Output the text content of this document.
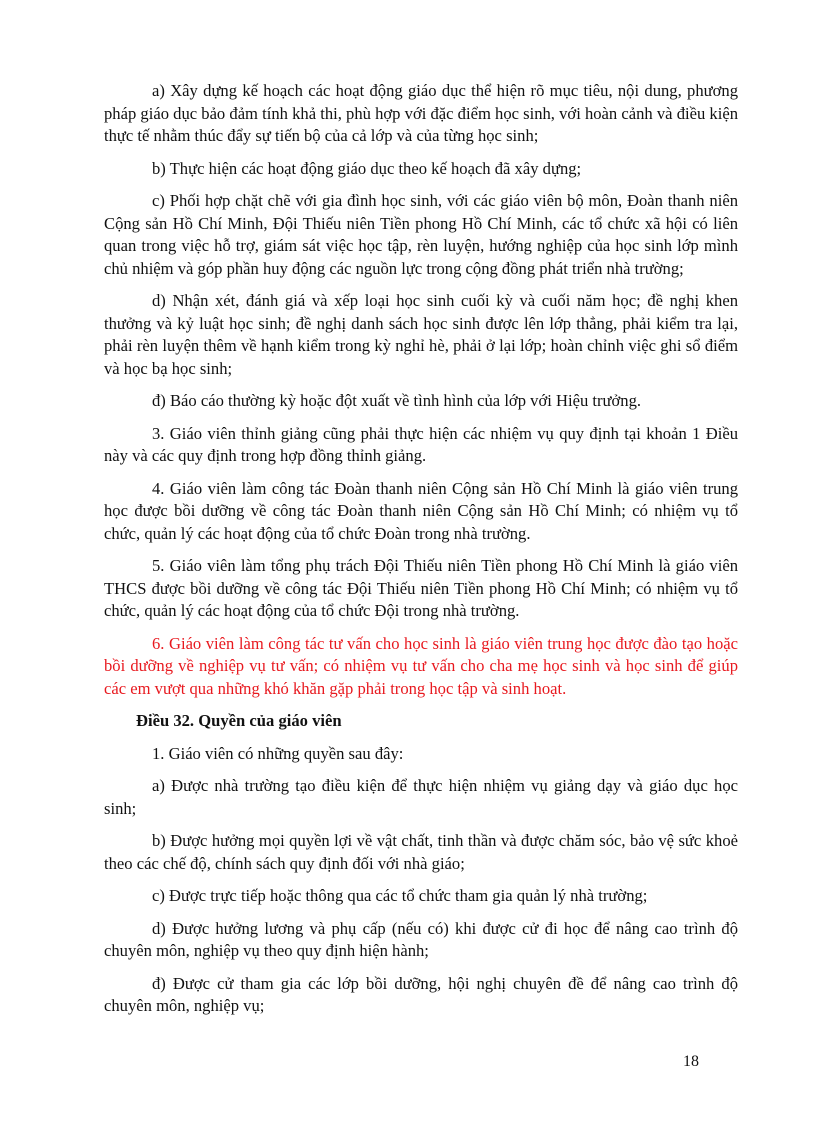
a) Xây dựng kế hoạch các hoạt động giáo dục thể hiện rõ mục tiêu, nội dung, phương pháp giáo dục bảo đảm tính khả thi, phù hợp với đặc điểm học sinh, với hoàn cảnh và điều kiện thực tế nhằm thúc đẩy sự tiến bộ của cả lớp và của từng học sinh;

b) Thực hiện các hoạt động giáo dục theo kế hoạch đã xây dựng;

c) Phối hợp chặt chẽ với gia đình học sinh, với các giáo viên bộ môn, Đoàn thanh niên Cộng sản Hồ Chí Minh, Đội Thiếu niên Tiền phong Hồ Chí Minh, các tổ chức xã hội có liên quan trong việc hỗ trợ, giám sát việc học tập, rèn luyện, hướng nghiệp của học sinh lớp mình chủ nhiệm và góp phần huy động các nguồn lực trong cộng đồng phát triển nhà trường;

d) Nhận xét, đánh giá và xếp loại học sinh cuối kỳ và cuối năm học; đề nghị khen thưởng và kỷ luật học sinh; đề nghị danh sách học sinh được lên lớp thẳng, phải kiểm tra lại, phải rèn luyện thêm về hạnh kiểm trong kỳ nghỉ hè, phải ở lại lớp; hoàn chỉnh việc ghi sổ điểm và học bạ học sinh;

đ) Báo cáo thường kỳ hoặc đột xuất về tình hình của lớp với Hiệu trưởng.

3. Giáo viên thỉnh giảng cũng phải thực hiện các nhiệm vụ quy định tại khoản 1 Điều này và các quy định trong hợp đồng thỉnh giảng.

4. Giáo viên làm công tác Đoàn thanh niên Cộng sản Hồ Chí Minh là giáo viên trung học được bồi dưỡng về công tác Đoàn thanh niên Cộng sản Hồ Chí Minh; có nhiệm vụ tổ chức, quản lý các hoạt động của tổ chức Đoàn trong nhà trường.

5. Giáo viên làm tổng phụ trách Đội Thiếu niên Tiền phong Hồ Chí Minh là giáo viên THCS được bồi dưỡng về công tác Đội Thiếu niên Tiền phong Hồ Chí Minh; có nhiệm vụ tổ chức, quản lý các hoạt động của tổ chức Đội trong nhà trường.

6. Giáo viên làm công tác tư vấn cho học sinh là giáo viên trung học được đào tạo hoặc bồi dưỡng về nghiệp vụ tư vấn; có nhiệm vụ tư vấn cho cha mẹ học sinh và học sinh để giúp các em vượt qua những khó khăn gặp phải trong học tập và sinh hoạt.

Điều 32. Quyền của giáo viên

1. Giáo viên có những quyền sau đây:

a) Được nhà trường tạo điều kiện để thực hiện nhiệm vụ giảng dạy và giáo dục học sinh;

b) Được hưởng mọi quyền lợi về vật chất, tinh thần và được chăm sóc, bảo vệ sức khoẻ theo các chế độ, chính sách quy định đối với nhà giáo;

c) Được trực tiếp hoặc thông qua các tổ chức tham gia quản lý nhà trường;

d) Được hưởng lương và phụ cấp (nếu có) khi được cử đi học để nâng cao trình độ chuyên môn, nghiệp vụ theo quy định hiện hành;

đ) Được cử tham gia các lớp bồi dưỡng, hội nghị chuyên đề để nâng cao trình độ chuyên môn, nghiệp vụ;

18
